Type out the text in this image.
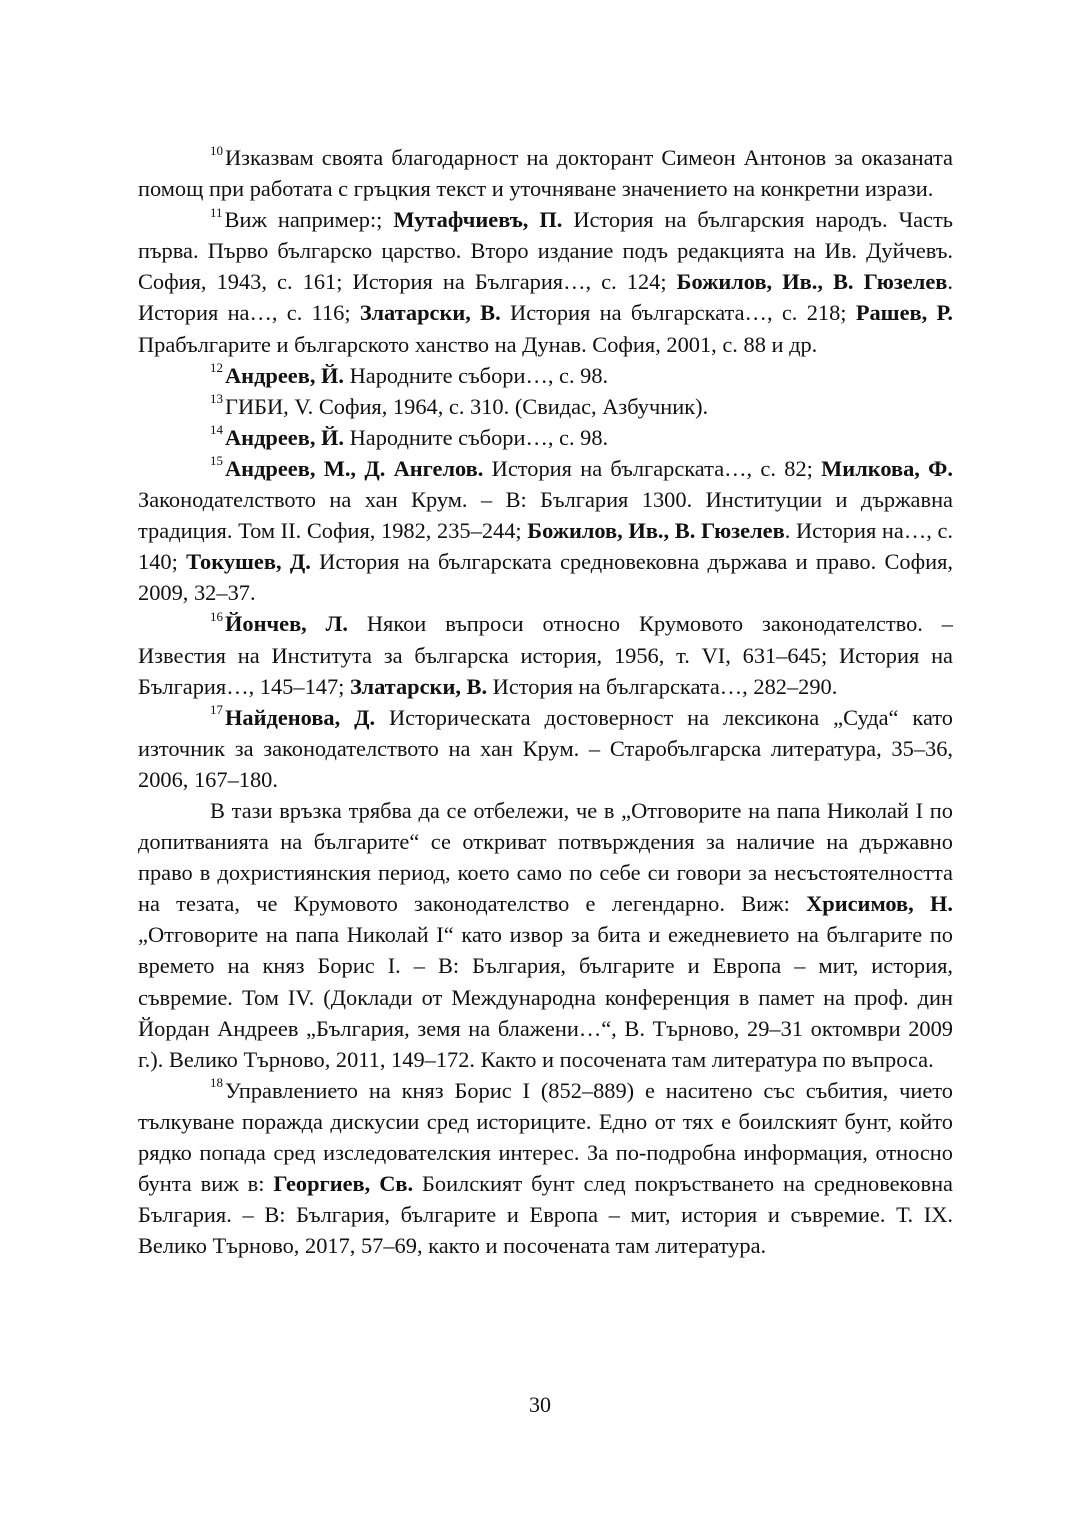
$^{10}$Изказвам своята благодарност на докторант Симеон Антонов за оказаната помощ при работата с гръцкия текст и уточняване значението на конкретни изрази.

$^{11}$Виж например:; Мутафчиевъ, П. История на българския народъ. Часть първа. Първо българско царство. Второ издание подъ редакцията на Ив. Дуйчевъ. София, 1943, с. 161; История на България…, с. 124; Божилов, Ив., В. Гюзелев. История на…, с. 116; Златарски, В. История на българската…, с. 218; Рашев, Р. Прабългарите и българското ханство на Дунав. София, 2001, с. 88 и др.

$^{12}$Андреев, Й. Народните събори…, с. 98.

$^{13}$ГИБИ, V. София, 1964, с. 310. (Свидас, Азбучник).

$^{14}$Андреев, Й. Народните събори…, с. 98.

$^{15}$Андреев, М., Д. Ангелов. История на българската…, с. 82; Милкова, Ф. Законодателството на хан Крум. – В: България 1300. Институции и държавна традиция. Том II. София, 1982, 235–244; Божилов, Ив., В. Гюзелев. История на…, с. 140; Токушев, Д. История на българската средновековна държава и право. София, 2009, 32–37.

$^{16}$Йончев, Л. Някои въпроси относно Крумовото законодателство. – Известия на Института за българска история, 1956, т. VI, 631–645; История на България…, 145–147; Златарски, В. История на българската…, 282–290.

$^{17}$Найденова, Д. Историческата достоверност на лексикона „Суда“ като източник за законодателството на хан Крум. – Старобългарска литература, 35–36, 2006, 167–180.

В тази връзка трябва да се отбележи, че в „Отговорите на папа Николай I по допитванията на българите“ се откриват потвърждения за наличие на държавно право в дохристиянския период, което само по себе си говори за несъстоятелността на тезата, че Крумовото законодателство е легендарно. Виж: Хрисимов, Н. „Отговорите на папа Николай I“ като извор за бита и ежедневието на българите по времето на княз Борис I. – В: България, българите и Европа – мит, история, съвремие. Том IV. (Доклади от Международна конференция в памет на проф. дин Йордан Андреев „България, земя на блажени…“, В. Търново, 29–31 октомври 2009 г.). Велико Търново, 2011, 149–172. Както и посочената там литература по въпроса.

$^{18}$Управлението на княз Борис I (852–889) е наситено със събития, чието тълкуване поражда дискусии сред историците. Едно от тях е боилският бунт, който рядко попада сред изследователския интерес. За по-подробна информация, относно бунта виж в: Георгиев, Св. Боилският бунт след покръстването на средновековна България. – В: България, българите и Европа – мит, история и съвремие. Т. IX. Велико Търново, 2017, 57–69, както и посочената там литература.

30
